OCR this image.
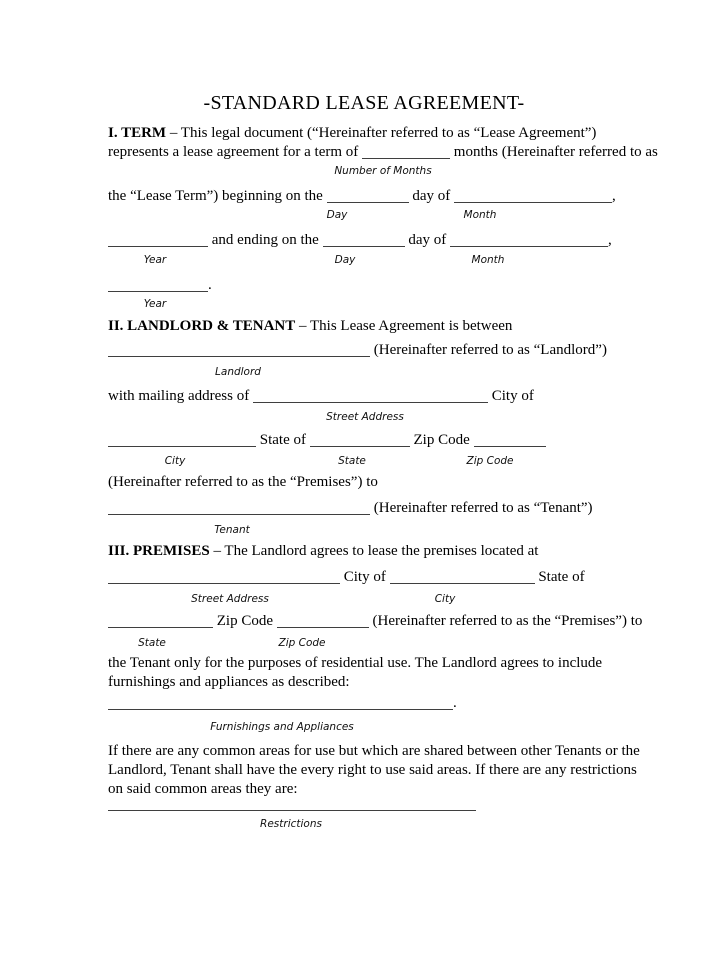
-STANDARD LEASE AGREEMENT-
I. TERM – This legal document (“Hereinafter referred to as “Lease Agreement”)
represents a lease agreement for a term of	months (Hereinafter referred to as
Number of Months
the “Lease Term”) beginning on the	day of	,
Day	Month
and ending on the	day of	,
Year	Day	Month
.
Year
II. LANDLORD & TENANT – This Lease Agreement is between
(Hereinafter referred to as “Landlord”)
Landlord
with mailing address of	City of
Street Address
State of	Zip Code
City	State	Zip Code
(Hereinafter referred to as the “Premises”) to
(Hereinafter referred to as “Tenant”)
Tenant
III. PREMISES – The Landlord agrees to lease the premises located at
City of	State of
Street Address	City
Zip Code	(Hereinafter referred to as the “Premises”) to
State	Zip Code
the Tenant only for the purposes of residential use. The Landlord agrees to include
furnishings and appliances as described:
.
Furnishings and Appliances
If there are any common areas for use but which are shared between other Tenants or the
Landlord, Tenant shall have the every right to use said areas. If there are any restrictions
on said common areas they are:
Restrictions
